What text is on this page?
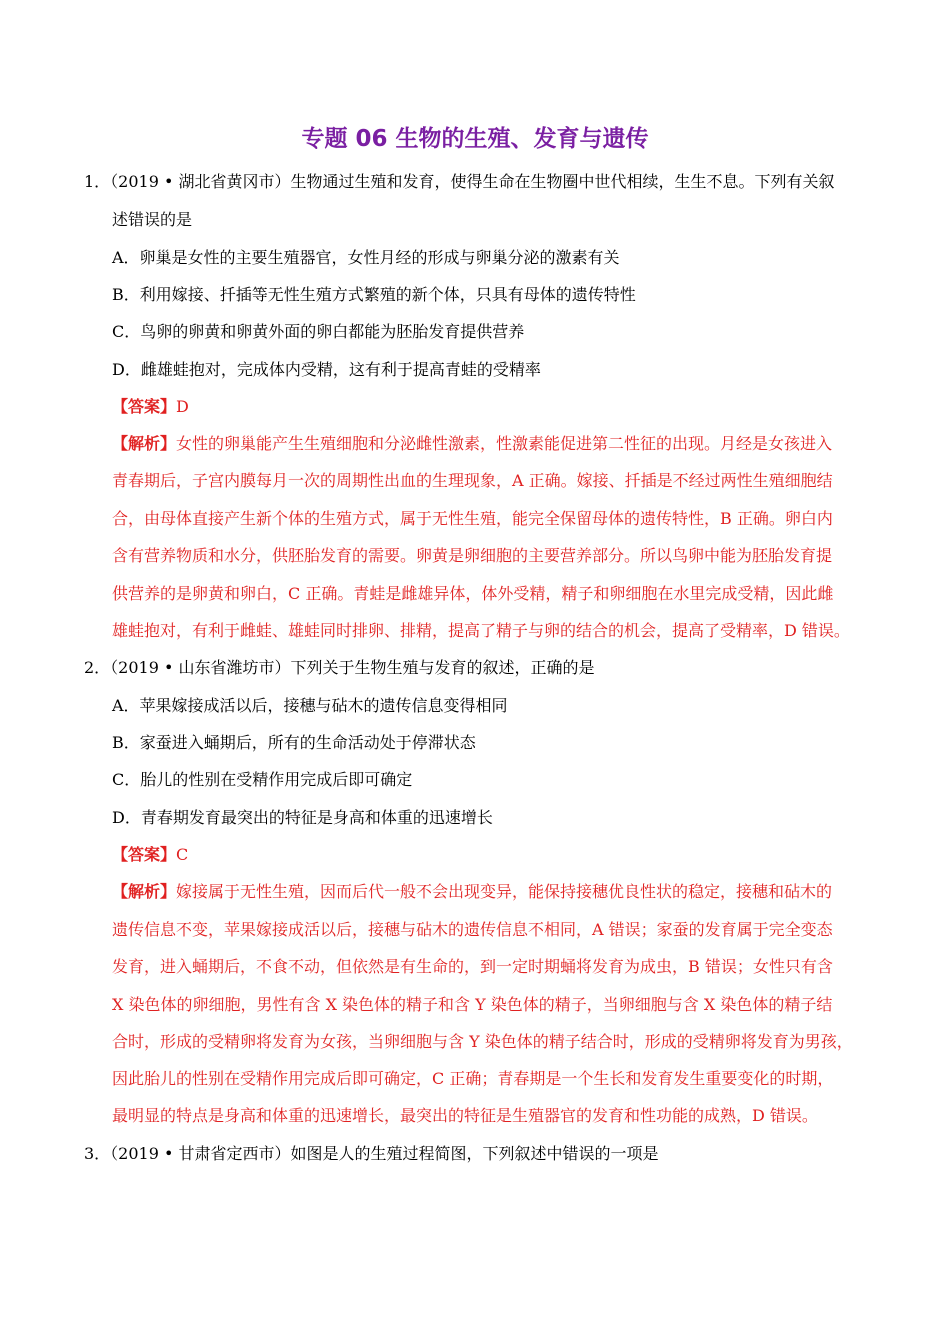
专题 06 生物的生殖、发育与遗传
1．（2019 • 湖北省黄冈市）生物通过生殖和发育，使得生命在生物圈中世代相续，生生不息。下列有关叙
述错误的是
A．卵巢是女性的主要生殖器官，女性月经的形成与卵巢分泌的激素有关
B．利用嫁接、扦插等无性生殖方式繁殖的新个体，只具有母体的遗传特性
C．鸟卵的卵黄和卵黄外面的卵白都能为胚胎发育提供营养
D．雌雄蛙抱对，完成体内受精，这有利于提高青蛙的受精率
【答案】D
【解析】女性的卵巢能产生生殖细胞和分泌雌性激素，性激素能促进第二性征的出现。月经是女孩进入
青春期后，子宫内膜每月一次的周期性出血的生理现象，A 正确。嫁接、扦插是不经过两性生殖细胞结
合，由母体直接产生新个体的生殖方式，属于无性生殖，能完全保留母体的遗传特性，B 正确。卵白内
含有营养物质和水分，供胚胎发育的需要。卵黄是卵细胞的主要营养部分。所以鸟卵中能为胚胎发育提
供营养的是卵黄和卵白，C 正确。青蛙是雌雄异体，体外受精，精子和卵细胞在水里完成受精，因此雌
雄蛙抱对，有利于雌蛙、雄蛙同时排卵、排精，提高了精子与卵的结合的机会，提高了受精率，D 错误。
2．（2019 • 山东省潍坊市）下列关于生物生殖与发育的叙述，正确的是
A．苹果嫁接成活以后，接穗与砧木的遗传信息变得相同
B．家蚕进入蛹期后，所有的生命活动处于停滞状态
C．胎儿的性别在受精作用完成后即可确定
D．青春期发育最突出的特征是身高和体重的迅速增长
【答案】C
【解析】嫁接属于无性生殖，因而后代一般不会出现变异，能保持接穗优良性状的稳定，接穗和砧木的
遗传信息不变，苹果嫁接成活以后，接穗与砧木的遗传信息不相同，A 错误；家蚕的发育属于完全变态
发育，进入蛹期后，不食不动，但依然是有生命的，到一定时期蛹将发育为成虫，B 错误；女性只有含
X 染色体的卵细胞，男性有含 X 染色体的精子和含 Y 染色体的精子，当卵细胞与含 X 染色体的精子结
合时，形成的受精卵将发育为女孩，当卵细胞与含 Y 染色体的精子结合时，形成的受精卵将发育为男孩，
因此胎儿的性别在受精作用完成后即可确定，C 正确；青春期是一个生长和发育发生重要变化的时期，
最明显的特点是身高和体重的迅速增长，最突出的特征是生殖器官的发育和性功能的成熟，D 错误。
3．（2019 • 甘肃省定西市）如图是人的生殖过程简图，下列叙述中错误的一项是
